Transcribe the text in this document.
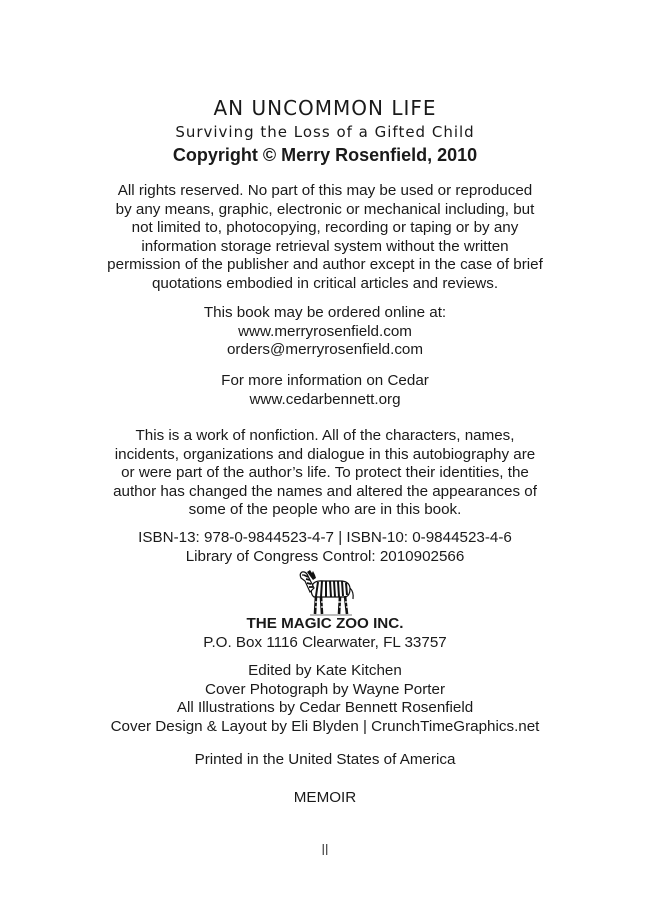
AN UNCOMMON LIFE
Surviving the Loss of a Gifted Child
Copyright © Merry Rosenfield, 2010
All rights reserved. No part of this may be used or reproduced
by any means, graphic, electronic or mechanical including, but
not limited to, photocopying, recording or taping or by any
information storage retrieval system without the written
permission of the publisher and author except in the case of brief
quotations embodied in critical articles and reviews.
This book may be ordered online at:
www.merryrosenfield.com
orders@merryrosenfield.com
For more information on Cedar
www.cedarbennett.org
This is a work of nonfiction. All of the characters, names,
incidents, organizations and dialogue in this autobiography are
or were part of the author’s life. To protect their identities, the
author has changed the names and altered the appearances of
some of the people who are in this book.
ISBN-13: 978-0-9844523-4-7 | ISBN-10: 0-9844523-4-6
Library of Congress Control: 2010902566
THE MAGIC ZOO INC.
P.O. Box 1116 Clearwater, FL 33757
Edited by Kate Kitchen
Cover Photograph by Wayne Porter
All Illustrations by Cedar Bennett Rosenfield
Cover Design & Layout by Eli Blyden | CrunchTimeGraphics.net
Printed in the United States of America
MEMOIR
ll
